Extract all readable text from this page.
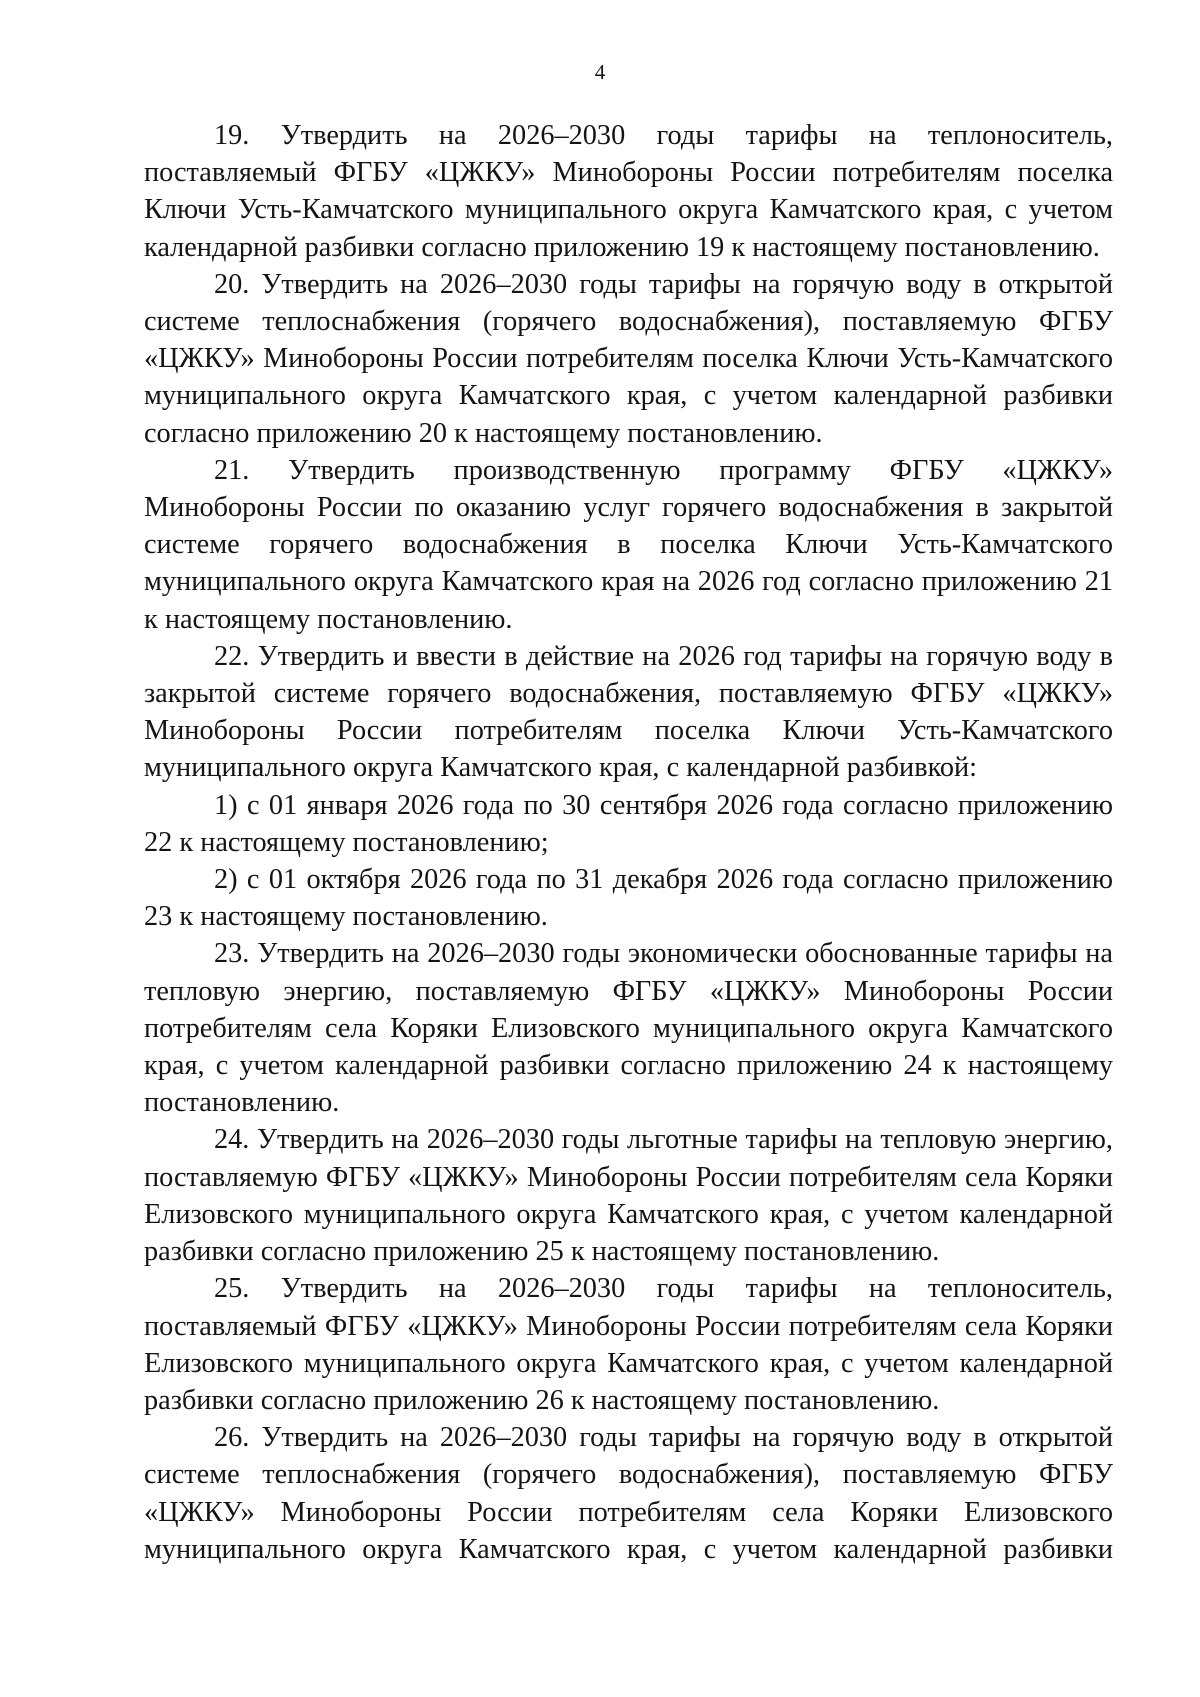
4

19. Утвердить на 2026–2030 годы тарифы на теплоноситель, поставляемый ФГБУ «ЦЖКУ» Минобороны России потребителям поселка Ключи Усть-Камчатского муниципального округа Камчатского края, с учетом календарной разбивки согласно приложению 19 к настоящему постановлению.

20. Утвердить на 2026–2030 годы тарифы на горячую воду в открытой системе теплоснабжения (горячего водоснабжения), поставляемую ФГБУ «ЦЖКУ» Минобороны России потребителям поселка Ключи Усть-Камчатского муниципального округа Камчатского края, с учетом календарной разбивки согласно приложению 20 к настоящему постановлению.

21. Утвердить производственную программу ФГБУ «ЦЖКУ» Минобороны России по оказанию услуг горячего водоснабжения в закрытой системе горячего водоснабжения в поселка Ключи Усть-Камчатского муниципального округа Камчатского края на 2026 год согласно приложению 21 к настоящему постановлению.

22. Утвердить и ввести в действие на 2026 год тарифы на горячую воду в закрытой системе горячего водоснабжения, поставляемую ФГБУ «ЦЖКУ» Минобороны России потребителям поселка Ключи Усть-Камчатского муниципального округа Камчатского края, с календарной разбивкой:

1) с 01 января 2026 года по 30 сентября 2026 года согласно приложению 22 к настоящему постановлению;

2) с 01 октября 2026 года по 31 декабря 2026 года согласно приложению 23 к настоящему постановлению.

23. Утвердить на 2026–2030 годы экономически обоснованные тарифы на тепловую энергию, поставляемую ФГБУ «ЦЖКУ» Минобороны России потребителям села Коряки Елизовского муниципального округа Камчатского края, с учетом календарной разбивки согласно приложению 24 к настоящему постановлению.

24. Утвердить на 2026–2030 годы льготные тарифы на тепловую энергию, поставляемую ФГБУ «ЦЖКУ» Минобороны России потребителям села Коряки Елизовского муниципального округа Камчатского края, с учетом календарной разбивки согласно приложению 25 к настоящему постановлению.

25. Утвердить на 2026–2030 годы тарифы на теплоноситель, поставляемый ФГБУ «ЦЖКУ» Минобороны России потребителям села Коряки Елизовского муниципального округа Камчатского края, с учетом календарной разбивки согласно приложению 26 к настоящему постановлению.

26. Утвердить на 2026–2030 годы тарифы на горячую воду в открытой системе теплоснабжения (горячего водоснабжения), поставляемую ФГБУ «ЦЖКУ» Минобороны России потребителям села Коряки Елизовского муниципального округа Камчатского края, с учетом календарной разбивки
